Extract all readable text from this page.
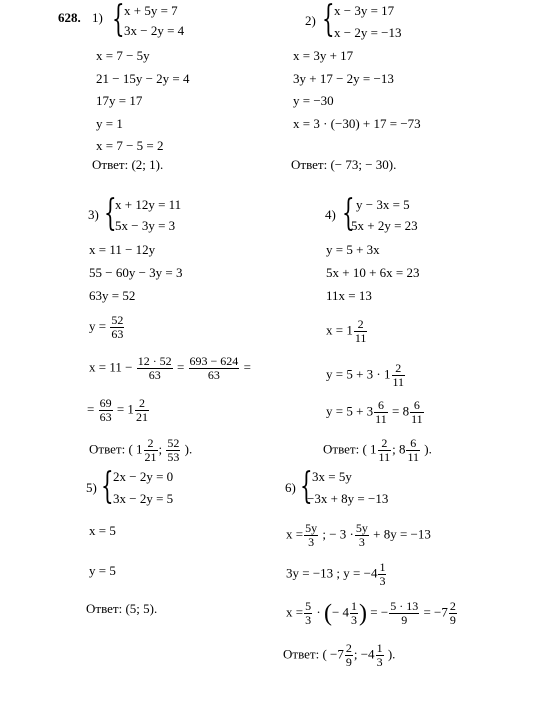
628. 1) { x + 5y = 7
3x − 2y = 4
x = 7 − 5y
21 − 15y − 2y = 4
17y = 17
y = 1
x = 7 − 5 = 2
Ответ: (2; 1).
2) { x − 3y = 17
x − 2y = −13
x = 3y + 17
3y + 17 − 2y = −13
y = −30
x = 3 · (−30) + 17 = −73
Ответ: (− 73; − 30).
3) {
x + 12y = 11
5x − 3y = 3
x = 11 − 12y
55 − 60y − 3y = 3
63y = 52
$y = \frac{52}{63}$
$x = 11 - \frac{12 \cdot 52}{63} = \frac{693 - 624}{63}$ =
= $\frac{69}{63} = 1 \frac{2}{21}$
Ответ: ( $1 \frac{2}{21}$ ; $\frac{52}{53}$ ).
4) { y − 3x = 5
5x + 2y = 23
y = 5 + 3x
5x + 10 + 6x = 23
11x = 13
$x = 1 \frac{2}{11}$
$y = 5 + 3 \cdot 1 \frac{2}{11}$
$y = 5 + 3 \frac{6}{11} = 8 \frac{6}{11}$
Ответ: ( $1 \frac{2}{11}$ ; $8 \frac{6}{11}$ ).
5) { 2x − 2y = 0
3x − 2y = 5
x = 5
y = 5
Ответ: (5; 5).
6) { 3x = 5y
−3x + 8y = −13
$x = \frac{5y}{3}$ ; − $3 \cdot \frac{5y}{3} + 8y = -13$
3y = −13 ; $y = -4 \frac{1}{3}$
$x = \frac{5}{3}$ · (− $4 \frac{1}{3}$ ) = − $\frac{5 \cdot 13}{9} = -7 \frac{2}{9}$
Ответ: ( $-7 \frac{2}{9}$ ; $-4 \frac{1}{3}$ ).
